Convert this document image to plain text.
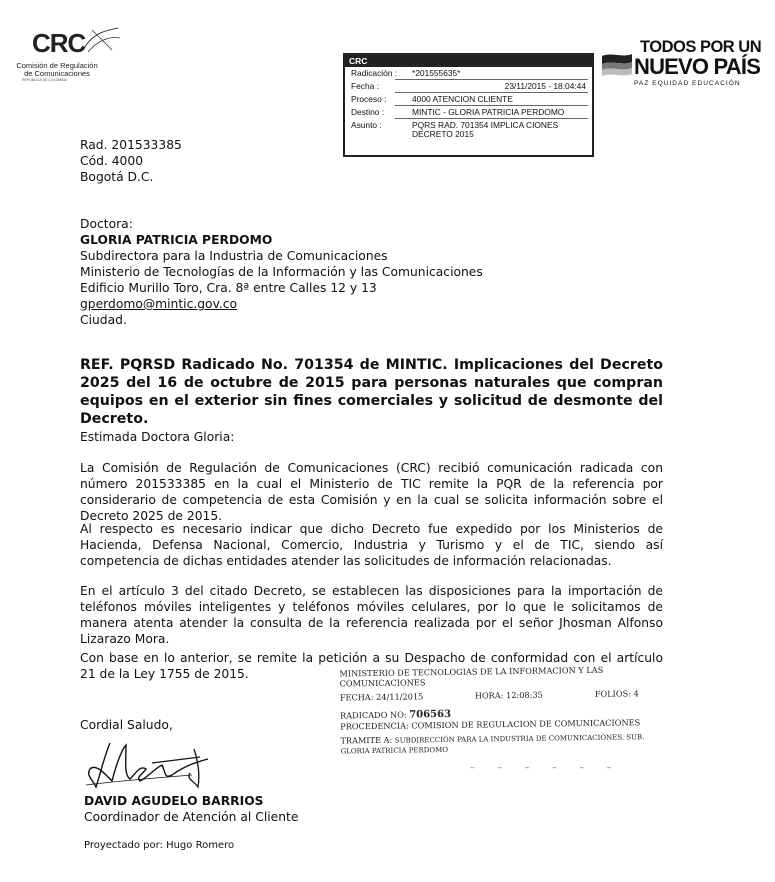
CRC
Comisión de Regulación
de Comunicaciones
REPÚBLICA DE COLOMBIA
CRC
Radicación : *201555635*
Fecha :	23/11/2015 - 18:04:44
Proceso :	4000 ATENCION CLIENTE
Destino :	MINTIC - GLORIA PATRICIA PERDOMO
Asunto :	PQRS RAD. 701354 IMPLICA CIONES DECRETO 2015
TODOS POR UN
NUEVO PAÍS
PAZ EQUIDAD EDUCACIÓN
Rad. 201533385
Cód. 4000
Bogotá D.C.
Doctora:
GLORIA PATRICIA PERDOMO
Subdirectora para la Industria de Comunicaciones
Ministerio de Tecnologías de la Información y las Comunicaciones
Edificio Murillo Toro, Cra. 8ª entre Calles 12 y 13
gperdomo@mintic.gov.co
Ciudad.
REF. PQRSD Radicado No. 701354 de MINTIC. Implicaciones del Decreto 2025 del 16 de octubre de 2015 para personas naturales que compran equipos en el exterior sin fines comerciales y solicitud de desmonte del Decreto.
Estimada Doctora Gloria:
La Comisión de Regulación de Comunicaciones (CRC) recibió comunicación radicada con número 201533385 en la cual el Ministerio de TIC remite la PQR de la referencia por considerario de competencia de esta Comisión y en la cual se solicita información sobre el Decreto 2025 de 2015.
Al respecto es necesario indicar que dicho Decreto fue expedido por los Ministerios de Hacienda, Defensa Nacional, Comercio, Industria y Turismo y el de TIC, siendo así competencia de dichas entidades atender las solicitudes de información relacionadas.
En el artículo 3 del citado Decreto, se establecen las disposiciones para la importación de teléfonos móviles inteligentes y teléfonos móviles celulares, por lo que le solicitamos de manera atenta atender la consulta de la referencia realizada por el señor Jhosman Alfonso Lizarazo Mora.
Con base en lo anterior, se remite la petición a su Despacho de conformidad con el artículo 21 de la Ley 1755 de 2015.	MINISTERIO DE TECNOLOGIAS DE LA INFORMACION Y LAS COMUNICACIONES
FECHA: 24/11/2015	HORA: 12:08:35	FOLIOS: 4
RADICADO NO: 706563
PROCEDENCIA: COMISION DE REGULACION DE COMUNICACIONES
TRAMITE A: SUBDIRECCIÓN PARA LA INDUSTRIA DE COMUNICACIONES. SUB.
GLORIA PATRICIA PERDOMO
– – – – – –
Cordial Saludo,
DAVID AGUDELO BARRIOS
Coordinador de Atención al Cliente
Proyectado por: Hugo Romero
